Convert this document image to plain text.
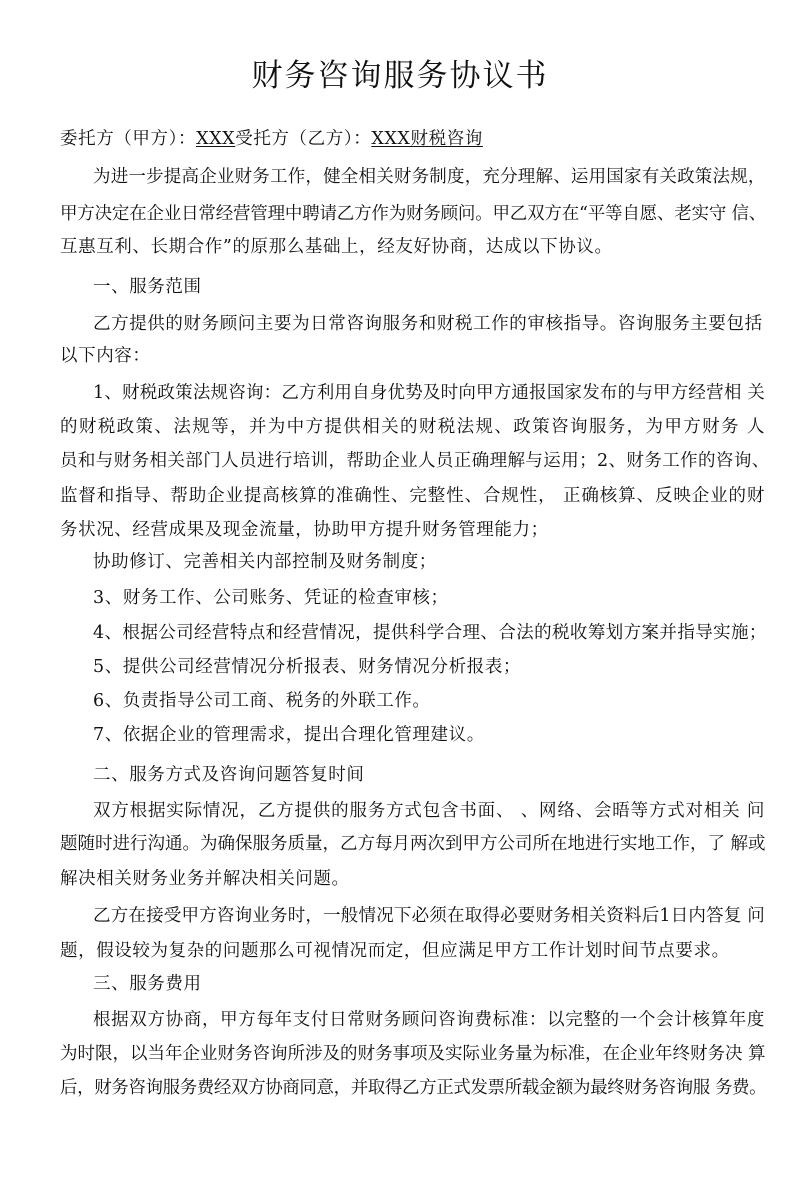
财务咨询服务协议书

委托方（甲方）：XXX受托方（乙方）：XXX财税咨询

为进一步提高企业财务工作，健全相关财务制度，充分理解、运用国家有关政策法规，

甲方决定在企业日常经营管理中聘请乙方作为财务顾问。甲乙双方在“平等自愿、老实守 信、

互惠互利、长期合作”的原那么基础上，经友好协商，达成以下协议。

一、服务范围

乙方提供的财务顾问主要为日常咨询服务和财税工作的审核指导。咨询服务主要包括

以下内容：

1、财税政策法规咨询：乙方利用自身优势及时向甲方通报国家发布的与甲方经营相 关

的财税政策、法规等，并为中方提供相关的财税法规、政策咨询服务，为甲方财务 人

员和与财务相关部门人员进行培训，帮助企业人员正确理解与运用；2、财务工作的咨询、

监督和指导、帮助企业提高核算的准确性、完整性、合规性， 正确核算、反映企业的财

务状况、经营成果及现金流量，协助甲方提升财务管理能力；

协助修订、完善相关内部控制及财务制度；

3、财务工作、公司账务、凭证的检查审核；

4、根据公司经营特点和经营情况，提供科学合理、合法的税收筹划方案并指导实施；

5、提供公司经营情况分析报表、财务情况分析报表；

6、负责指导公司工商、税务的外联工作。

7、依据企业的管理需求，提出合理化管理建议。

二、服务方式及咨询问题答复时间

双方根据实际情况，乙方提供的服务方式包含书面、 、网络、会晤等方式对相关 问

题随时进行沟通。为确保服务质量，乙方每月两次到甲方公司所在地进行实地工作，了 解或

解决相关财务业务并解决相关问题。

乙方在接受甲方咨询业务时，一般情况下必须在取得必要财务相关资料后1日内答复 问

题，假设较为复杂的问题那么可视情况而定，但应满足甲方工作计划时间节点要求。

三、服务费用

根据双方协商，甲方每年支付日常财务顾问咨询费标准：以完整的一个会计核算年度

为时限，以当年企业财务咨询所涉及的财务事项及实际业务量为标准，在企业年终财务决 算

后，财务咨询服务费经双方协商同意，并取得乙方正式发票所载金额为最终财务咨询服 务费。
